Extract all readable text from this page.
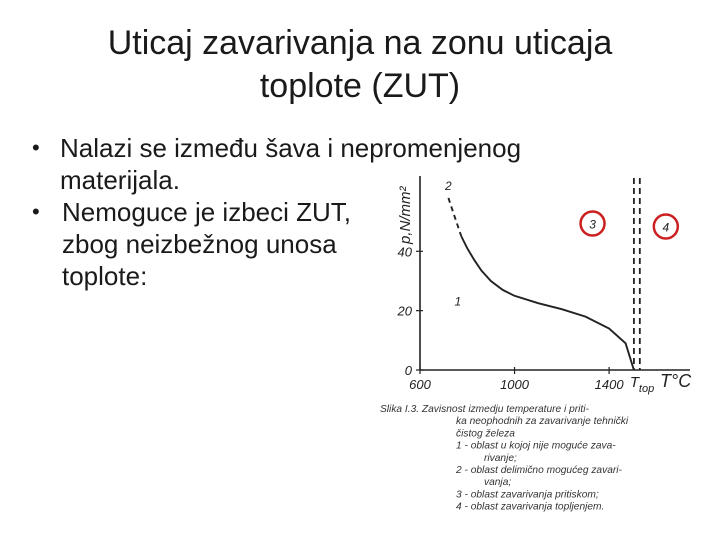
Uticaj zavarivanja na zonu uticaja
toplote (ZUT)
• Nalazi se između šava i nepromenjenog
materijala.
• Nemoguce je izbeci ZUT,
zbog neizbežnog unosa
toplote:
0
20
40
600	1000	1400
p,N/mm²
T°C
T top
1
2
3	4
Slika I.3. Zavisnost izmedju temperature i priti-
ka neophodnih za zavarivanje tehnički
čistog železa
1 - oblast u kojoj nije moguće zava-
rivanje;
2 - oblast delimično mogućeg zavari-
vanja;
3 - oblast zavarivanja pritiskom;
4 - oblast zavarivanja topljenjem.
